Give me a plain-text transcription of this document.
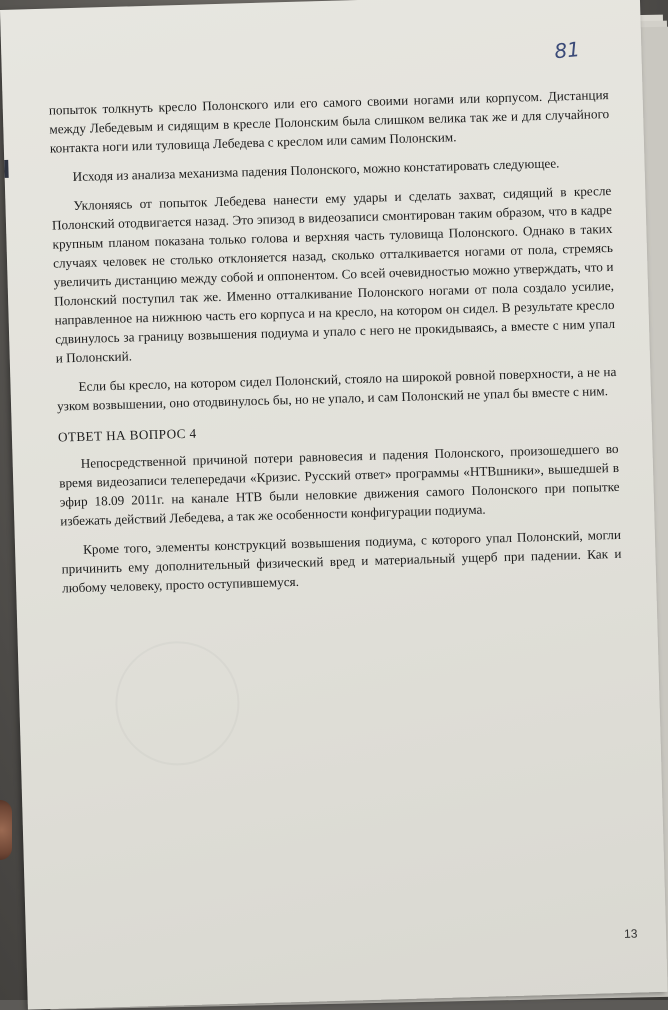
81

попыток толкнуть кресло Полонского или его самого своими ногами или корпусом. Дистанция между Лебедевым и сидящим в кресле Полонским была слишком велика так же и для случайного контакта ноги или туловища Лебедева с креслом или самим Полонским.

Исходя из анализа механизма падения Полонского, можно констатировать следующее.

Уклоняясь от попыток Лебедева нанести ему удары и сделать захват, сидящий в кресле Полонский отодвигается назад. Это эпизод в видеозаписи смонтирован таким образом, что в кадре крупным планом показана только голова и верхняя часть туловища Полонского. Однако в таких случаях человек не столько отклоняется назад, сколько отталкивается ногами от пола, стремясь увеличить дистанцию между собой и оппонентом. Со всей очевидностью можно утверждать, что и Полонский поступил так же. Именно отталкивание Полонского ногами от пола создало усилие, направленное на нижнюю часть его корпуса и на кресло, на котором он сидел. В результате кресло сдвинулось за границу возвышения подиума и упало с него не прокидываясь, а вместе с ним упал и Полонский.

Если бы кресло, на котором сидел Полонский, стояло на широкой ровной поверхности, а не на узком возвышении, оно отодвинулось бы, но не упало, и сам Полонский не упал бы вместе с ним.

ОТВЕТ НА ВОПРОС 4

Непосредственной причиной потери равновесия и падения Полонского, произошедшего во время видеозаписи телепередачи «Кризис. Русский ответ» программы «НТВшники», вышедшей в эфир 18.09 2011г. на канале НТВ были неловкие движения самого Полонского при попытке избежать действий Лебедева, а так же особенности конфигурации подиума.

Кроме того, элементы конструкций возвышения подиума, с которого упал Полонский, могли причинить ему дополнительный физический вред и материальный ущерб при падении. Как и любому человеку, просто оступившемуся.

13
